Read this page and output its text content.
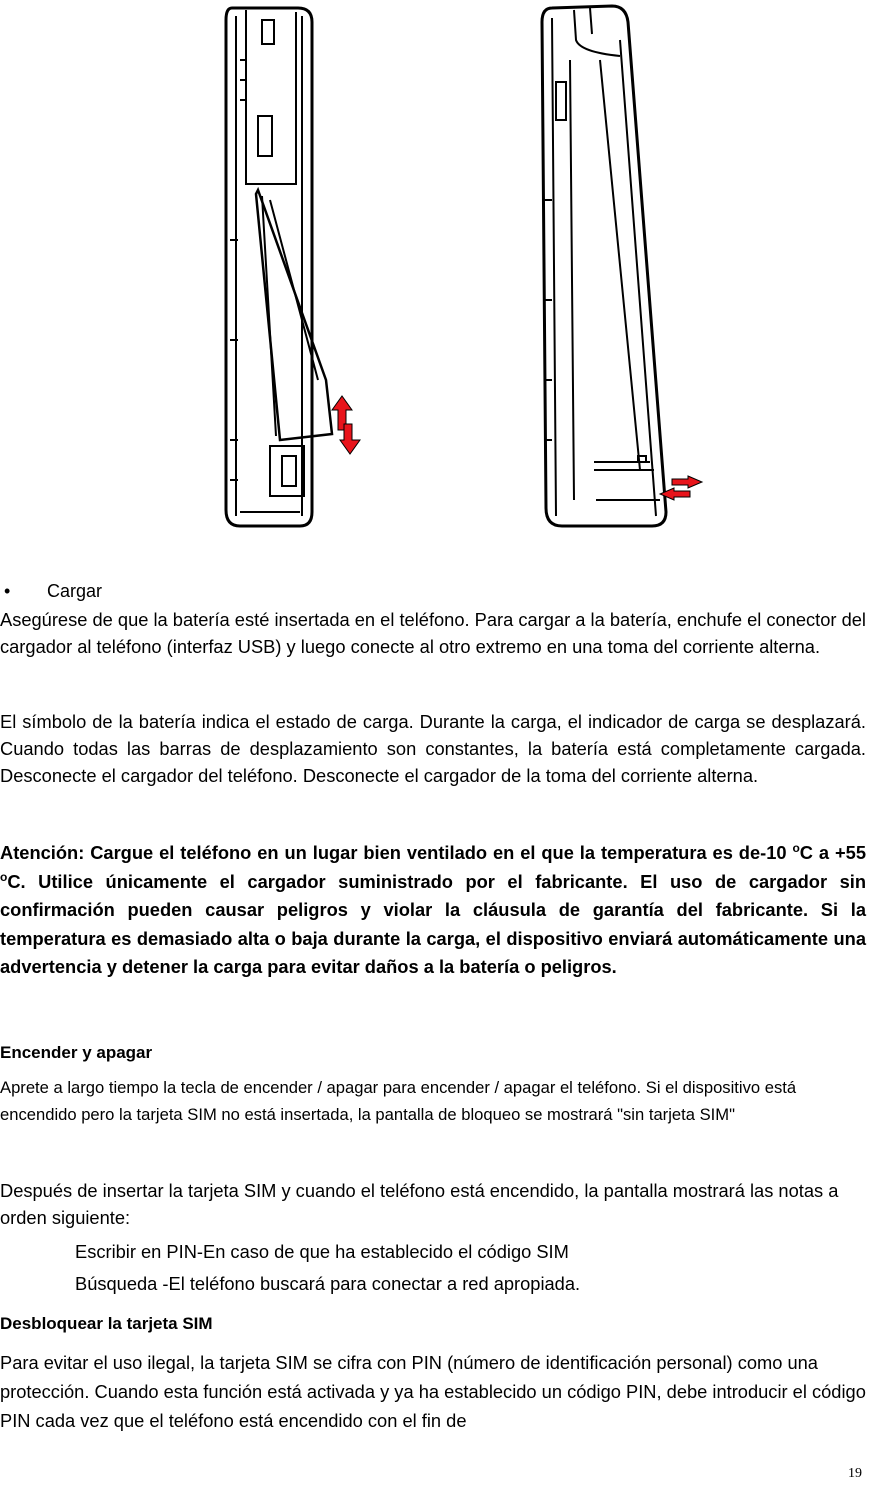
• Cargar
Asegúrese de que la batería esté insertada en el teléfono. Para cargar a la batería, enchufe el conector del cargador al teléfono (interfaz USB) y luego conecte al otro extremo en una toma del corriente alterna.
El símbolo de la batería indica el estado de carga. Durante la carga, el indicador de carga se desplazará. Cuando todas las barras de desplazamiento son constantes, la batería está completamente cargada. Desconecte el cargador del teléfono. Desconecte el cargador de la toma del corriente alterna.
Atención: Cargue el teléfono en un lugar bien ventilado en el que la temperatura es de-10 $^o$C a +55 $^o$C. Utilice únicamente el cargador suministrado por el fabricante. El uso de cargador sin confirmación pueden causar peligros y violar la cláusula de garantía del fabricante. Si la temperatura es demasiado alta o baja durante la carga, el dispositivo enviará automáticamente una advertencia y detener la carga para evitar daños a la batería o peligros.
Encender y apagar
Aprete a largo tiempo la tecla de encender / apagar para encender / apagar el teléfono. Si el dispositivo está encendido pero la tarjeta SIM no está insertada, la pantalla de bloqueo se mostrará "sin tarjeta SIM"
Después de insertar la tarjeta SIM y cuando el teléfono está encendido, la pantalla mostrará las notas a orden siguiente:
Escribir en PIN-En caso de que ha establecido el código SIM
Búsqueda -El teléfono buscará para conectar a red apropiada.
Desbloquear la tarjeta SIM
Para evitar el uso ilegal, la tarjeta SIM se cifra con PIN (número de identificación personal) como una protección. Cuando esta función está activada y ya ha establecido un código PIN, debe introducir el código PIN cada vez que el teléfono está encendido con el fin de
19
